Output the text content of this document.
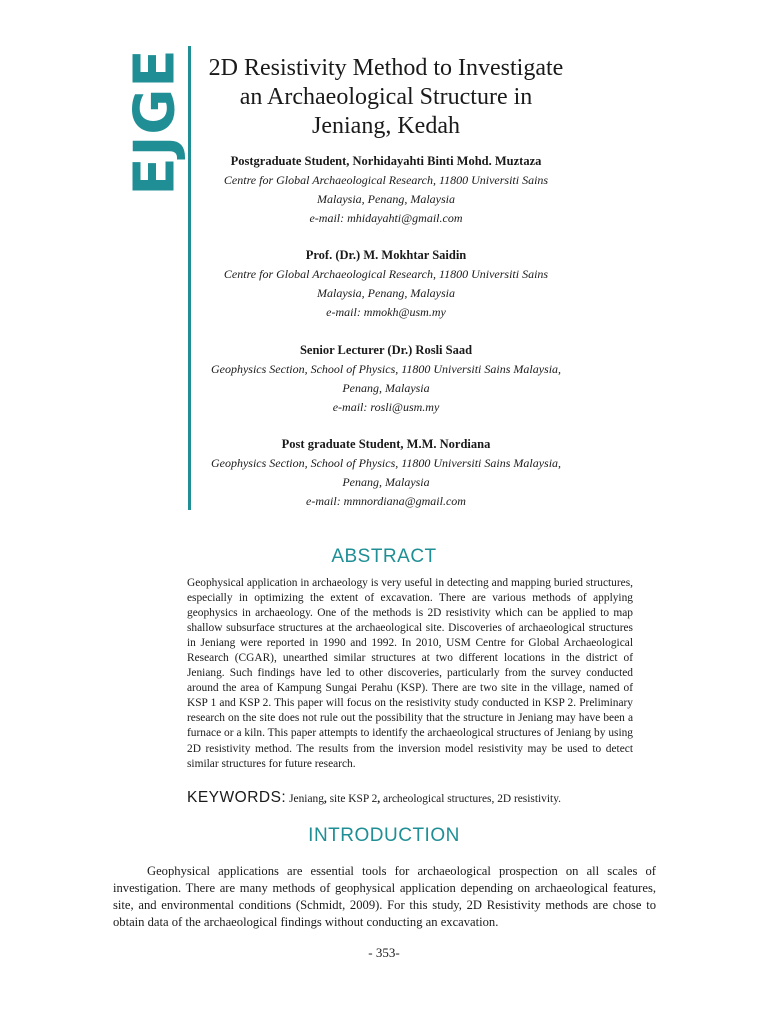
EJGE 2D Resistivity Method to Investigate an Archaeological Structure in Jeniang, Kedah
Postgraduate Student, Norhidayahti Binti Mohd. Muztaza
Centre for Global Archaeological Research, 11800 Universiti Sains Malaysia, Penang, Malaysia
e-mail: mhidayahti@gmail.com
Prof. (Dr.) M. Mokhtar Saidin
Centre for Global Archaeological Research, 11800 Universiti Sains Malaysia, Penang, Malaysia
e-mail: mmokh@usm.my
Senior Lecturer (Dr.) Rosli Saad
Geophysics Section, School of Physics, 11800 Universiti Sains Malaysia, Penang, Malaysia
e-mail: rosli@usm.my
Post graduate Student, M.M. Nordiana
Geophysics Section, School of Physics, 11800 Universiti Sains Malaysia, Penang, Malaysia
e-mail: mmnordiana@gmail.com
ABSTRACT

Geophysical application in archaeology is very useful in detecting and mapping buried structures, especially in optimizing the extent of excavation. There are various methods of applying geophysics in archaeology. One of the methods is 2D resistivity which can be applied to map shallow subsurface structures at the archaeological site. Discoveries of archaeological structures in Jeniang were reported in 1990 and 1992. In 2010, USM Centre for Global Archaeological Research (CGAR), unearthed similar structures at two different locations in the district of Jeniang. Such findings have led to other discoveries, particularly from the survey conducted around the area of Kampung Sungai Perahu (KSP). There are two site in the village, named of KSP 1 and KSP 2. This paper will focus on the resistivity study conducted in KSP 2. Preliminary research on the site does not rule out the possibility that the structure in Jeniang may have been a furnace or a kiln. This paper attempts to identify the archaeological structures of Jeniang by using 2D resistivity method. The results from the inversion model resistivity may be used to detect similar structures for future research.

KEYWORDS: Jeniang, site KSP 2, archeological structures, 2D resistivity.

INTRODUCTION

Geophysical applications are essential tools for archaeological prospection on all scales of investigation. There are many methods of geophysical application depending on archaeological features, site, and environmental conditions (Schmidt, 2009). For this study, 2D Resistivity methods are chose to obtain data of the archaeological findings without conducting an excavation.

- 353-
